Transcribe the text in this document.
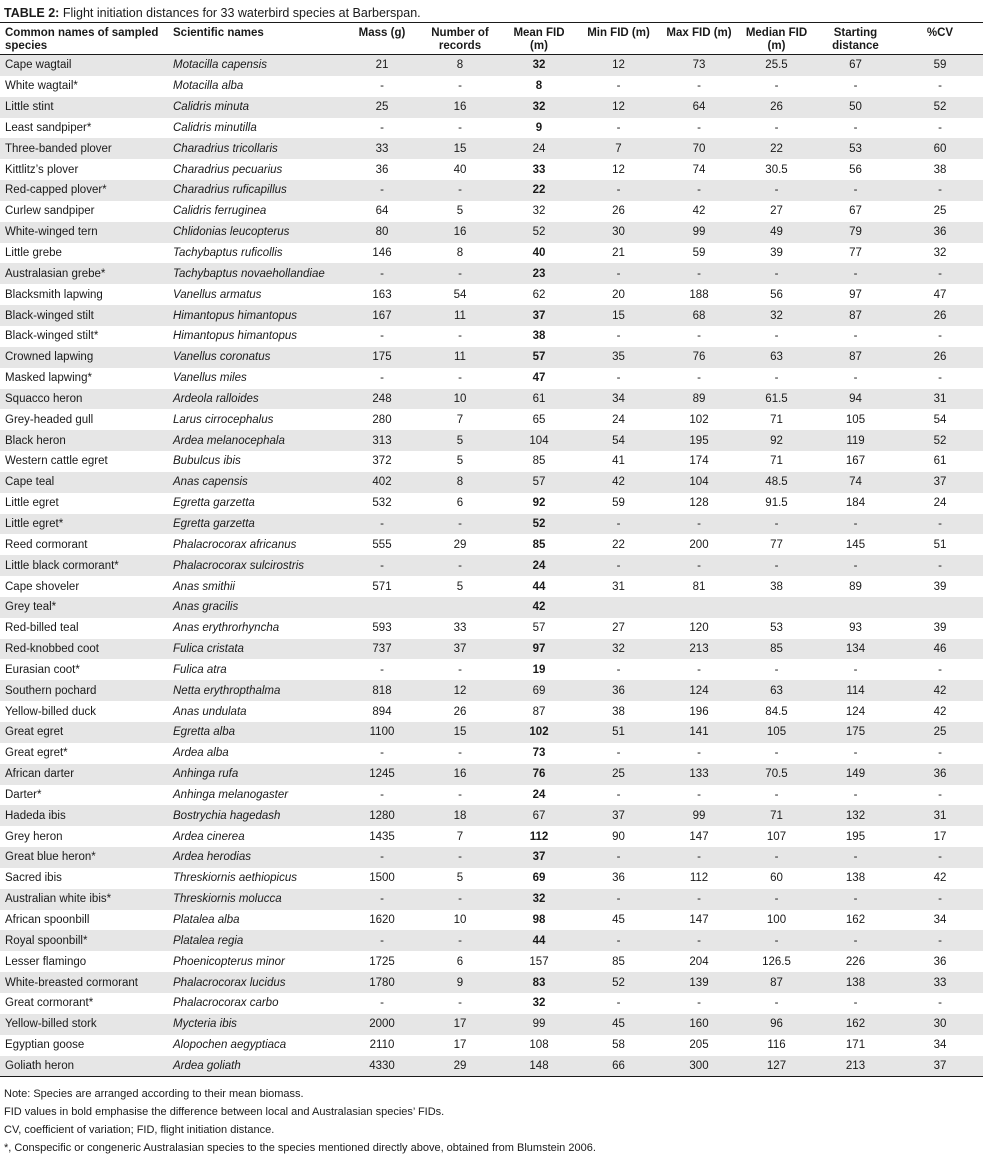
TABLE 2: Flight initiation distances for 33 waterbird species at Barberspan.
Common names of sampled species	Scientific names	Mass (g)	Number of records	Mean FID (m)	Min FID (m)	Max FID (m)	Median FID (m)	Starting distance	%CV
Cape wagtail	Motacilla capensis	21	8	32	12	73	25.5	67	59
White wagtail*	Motacilla alba	-	-	8	-	-	-	-	-
Little stint	Calidris minuta	25	16	32	12	64	26	50	52
Least sandpiper*	Calidris minutilla	-	-	9	-	-	-	-	-
Three-banded plover	Charadrius tricollaris	33	15	24	7	70	22	53	60
Kittlitz’s plover	Charadrius pecuarius	36	40	33	12	74	30.5	56	38
Red-capped plover*	Charadrius ruficapillus	-	-	22	-	-	-	-	-
Curlew sandpiper	Calidris ferruginea	64	5	32	26	42	27	67	25
White-winged tern	Chlidonias leucopterus	80	16	52	30	99	49	79	36
Little grebe	Tachybaptus ruficollis	146	8	40	21	59	39	77	32
Australasian grebe*	Tachybaptus novaehollandiae	-	-	23	-	-	-	-	-
Blacksmith lapwing	Vanellus armatus	163	54	62	20	188	56	97	47
Black-winged stilt	Himantopus himantopus	167	11	37	15	68	32	87	26
Black-winged stilt*	Himantopus himantopus	-	-	38	-	-	-	-	-
Crowned lapwing	Vanellus coronatus	175	11	57	35	76	63	87	26
Masked lapwing*	Vanellus miles	-	-	47	-	-	-	-	-
Squacco heron	Ardeola ralloides	248	10	61	34	89	61.5	94	31
Grey-headed gull	Larus cirrocephalus	280	7	65	24	102	71	105	54
Black heron	Ardea melanocephala	313	5	104	54	195	92	119	52
Western cattle egret	Bubulcus ibis	372	5	85	41	174	71	167	61
Cape teal	Anas capensis	402	8	57	42	104	48.5	74	37
Little egret	Egretta garzetta	532	6	92	59	128	91.5	184	24
Little egret*	Egretta garzetta	-	-	52	-	-	-	-	-
Reed cormorant	Phalacrocorax africanus	555	29	85	22	200	77	145	51
Little black cormorant*	Phalacrocorax sulcirostris	-	-	24	-	-	-	-	-
Cape shoveler	Anas smithii	571	5	44	31	81	38	89	39
Grey teal*	Anas gracilis			42					
Red-billed teal	Anas erythrorhyncha	593	33	57	27	120	53	93	39
Red-knobbed coot	Fulica cristata	737	37	97	32	213	85	134	46
Eurasian coot*	Fulica atra	-	-	19	-	-	-	-	-
Southern pochard	Netta erythropthalma	818	12	69	36	124	63	114	42
Yellow-billed duck	Anas undulata	894	26	87	38	196	84.5	124	42
Great egret	Egretta alba	1100	15	102	51	141	105	175	25
Great egret*	Ardea alba	-	-	73	-	-	-	-	-
African darter	Anhinga rufa	1245	16	76	25	133	70.5	149	36
Darter*	Anhinga melanogaster	-	-	24	-	-	-	-	-
Hadeda ibis	Bostrychia hagedash	1280	18	67	37	99	71	132	31
Grey heron	Ardea cinerea	1435	7	112	90	147	107	195	17
Great blue heron*	Ardea herodias	-	-	37	-	-	-	-	-
Sacred ibis	Threskiornis aethiopicus	1500	5	69	36	112	60	138	42
Australian white ibis*	Threskiornis molucca	-	-	32	-	-	-	-	-
African spoonbill	Platalea alba	1620	10	98	45	147	100	162	34
Royal spoonbill*	Platalea regia	-	-	44	-	-	-	-	-
Lesser flamingo	Phoenicopterus minor	1725	6	157	85	204	126.5	226	36
White-breasted cormorant	Phalacrocorax lucidus	1780	9	83	52	139	87	138	33
Great cormorant*	Phalacrocorax carbo	-	-	32	-	-	-	-	-
Yellow-billed stork	Mycteria ibis	2000	17	99	45	160	96	162	30
Egyptian goose	Alopochen aegyptiaca	2110	17	108	58	205	116	171	34
Goliath heron	Ardea goliath	4330	29	148	66	300	127	213	37
Note: Species are arranged according to their mean biomass.
FID values in bold emphasise the difference between local and Australasian species’ FIDs.
CV, coefficient of variation; FID, flight initiation distance.
*, Conspecific or congeneric Australasian species to the species mentioned directly above, obtained from Blumstein 2006.
